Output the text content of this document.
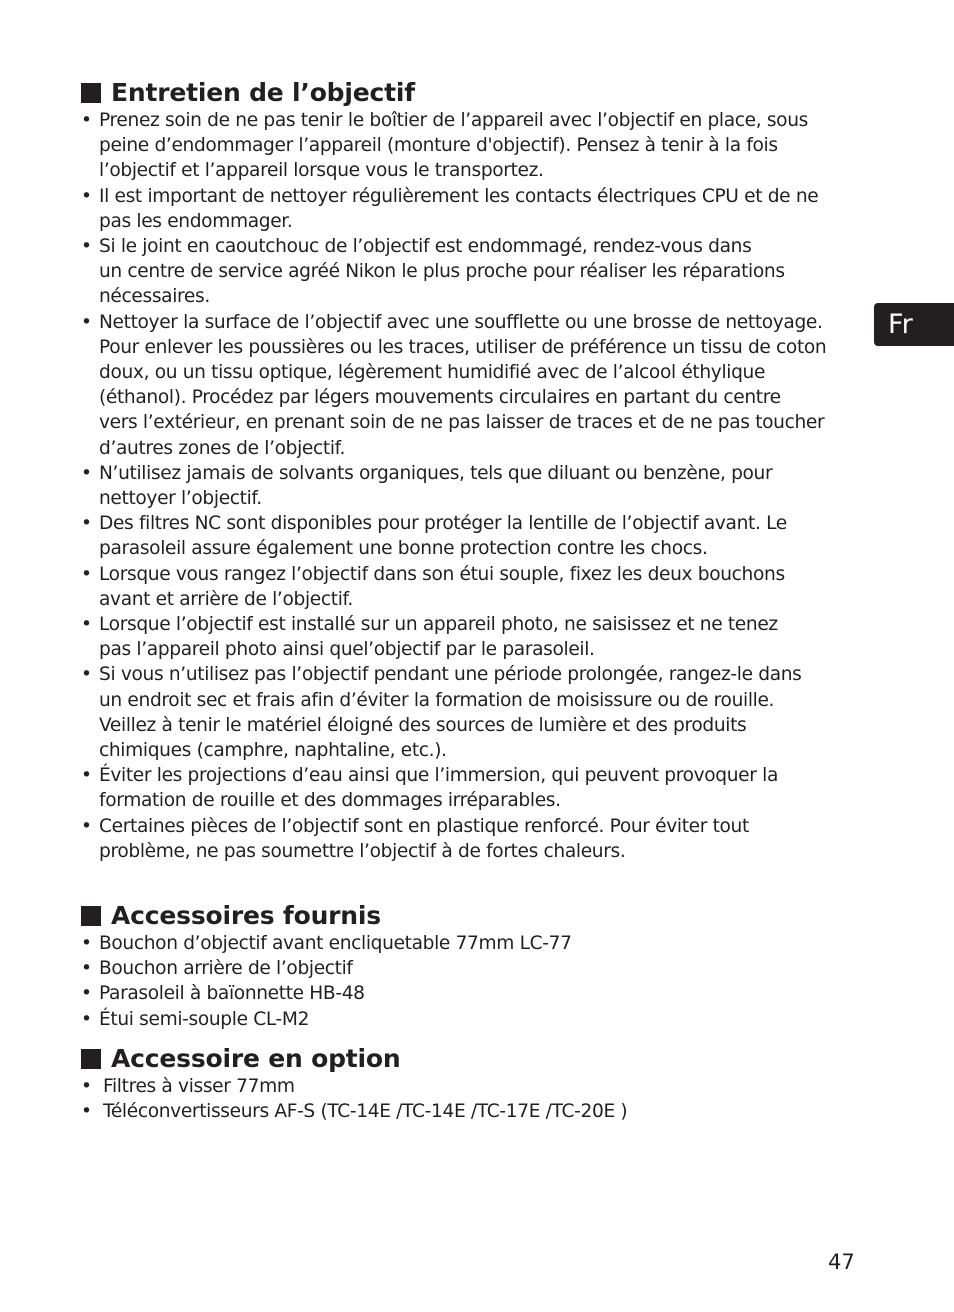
Entretien de l’objectif
• Prenez soin de ne pas tenir le boîtier de l’appareil avec l’objectif en place, sous
peine d’endommager l’appareil (monture d'objectif). Pensez à tenir à la fois
l’objectif et l’appareil lorsque vous le transportez.
• Il est important de nettoyer régulièrement les contacts électriques CPU et de ne
pas les endommager.
• Si le joint en caoutchouc de l’objectif est endommagé, rendez-vous dans
un centre de service agréé Nikon le plus proche pour réaliser les réparations
nécessaires.
• Nettoyer la surface de l’objectif avec une soufflette ou une brosse de nettoyage.
Pour enlever les poussières ou les traces, utiliser de préférence un tissu de coton
doux, ou un tissu optique, légèrement humidifié avec de l’alcool éthylique
(éthanol). Procédez par légers mouvements circulaires en partant du centre
vers l’extérieur, en prenant soin de ne pas laisser de traces et de ne pas toucher
d’autres zones de l’objectif.
• N’utilisez jamais de solvants organiques, tels que diluant ou benzène, pour
nettoyer l’objectif.
• Des filtres NC sont disponibles pour protéger la lentille de l’objectif avant. Le
parasoleil assure également une bonne protection contre les chocs.
• Lorsque vous rangez l’objectif dans son étui souple, fixez les deux bouchons
avant et arrière de l’objectif.
• Lorsque l’objectif est installé sur un appareil photo, ne saisissez et ne tenez
pas l’appareil photo ainsi quel’objectif par le parasoleil.
• Si vous n’utilisez pas l’objectif pendant une période prolongée, rangez-le dans
un endroit sec et frais afin d’éviter la formation de moisissure ou de rouille.
Veillez à tenir le matériel éloigné des sources de lumière et des produits
chimiques (camphre, naphtaline, etc.).
• Éviter les projections d’eau ainsi que l’immersion, qui peuvent provoquer la
formation de rouille et des dommages irréparables.
• Certaines pièces de l’objectif sont en plastique renforcé. Pour éviter tout
problème, ne pas soumettre l’objectif à de fortes chaleurs.
Accessoires fournis
• Bouchon d’objectif avant encliquetable 77mm LC-77
• Bouchon arrière de l’objectif
• Parasoleil à baïonnette HB-48
• Étui semi-souple CL-M2
Accessoire en option
• Filtres à visser 77mm
• Téléconvertisseurs AF-S (TC-14E /TC-14E /TC-17E /TC-20E )
Fr
47
